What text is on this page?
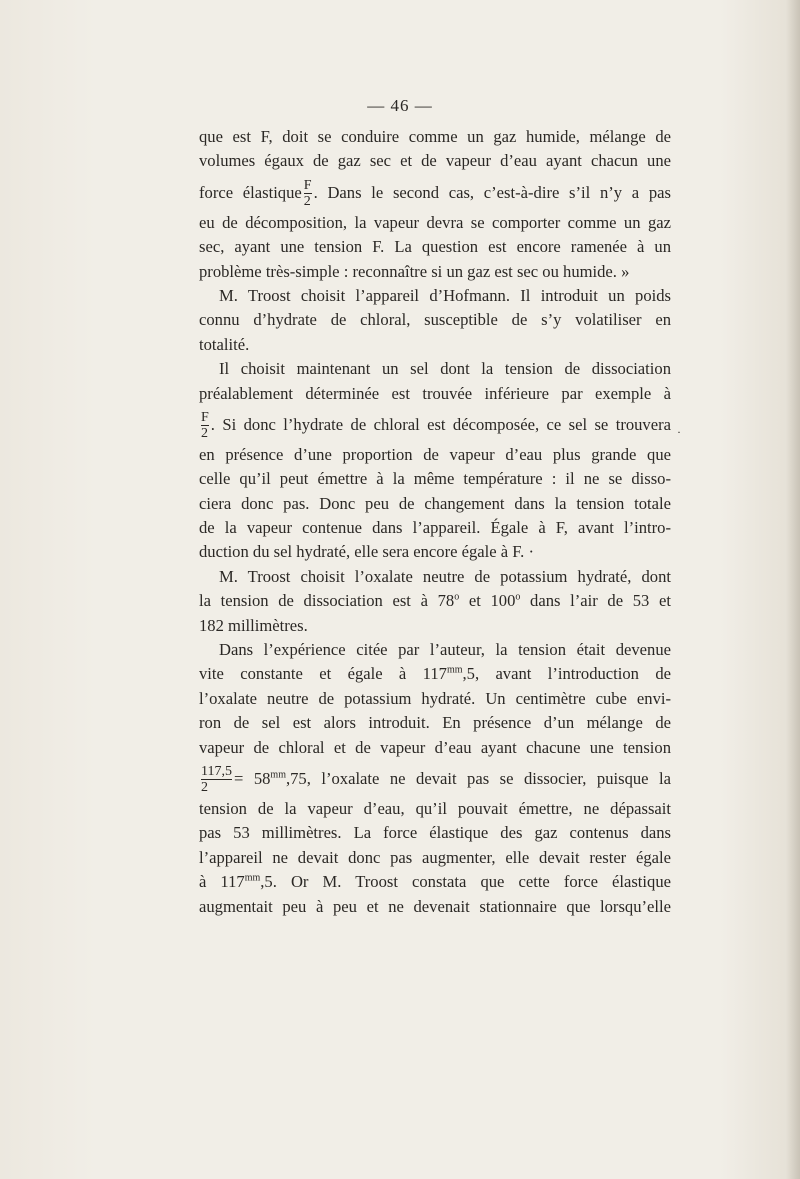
— 46 —
que est F, doit se conduire comme un gaz humide, mélange de
volumes égaux de gaz sec et de vapeur d’eau ayant chacun une
force élastique $\frac{F}{2}$ . Dans le second cas, c’est-à-dire s’il n’y a pas
eu de décomposition, la vapeur devra se comporter comme un gaz
sec, ayant une tension F. La question est encore ramenée à un
problème très-simple : reconnaître si un gaz est sec ou humide. »
M. Troost choisit l’appareil d’Hofmann. Il introduit un poids
connu d’hydrate de chloral, susceptible de s’y volatiliser en
totalité.
Il choisit maintenant un sel dont la tension de dissociation
préalablement déterminée est trouvée inférieure par exemple à
$\frac{F}{2}$ . Si donc l’hydrate de chloral est décomposée, ce sel se trouvera
en présence d’une proportion de vapeur d’eau plus grande que
celle qu’il peut émettre à la même température : il ne se disso-
ciera donc pas. Donc peu de changement dans la tension totale
de la vapeur contenue dans l’appareil. Égale à F, avant l’intro-
duction du sel hydraté, elle sera encore égale à F. ·
M. Troost choisit l’oxalate neutre de potassium hydraté, dont
la tension de dissociation est à 78$^o$ et 100$^o$ dans l’air de 53 et
182 millimètres.
Dans l’expérience citée par l’auteur, la tension était devenue
vite constante et égale à $117^{mm},5$, avant l’introduction de
l’oxalate neutre de potassium hydraté. Un centimètre cube envi-
ron de sel est alors introduit. En présence d’un mélange de
vapeur de chloral et de vapeur d’eau ayant chacune une tension
$\frac{117,5}{2} = 58^{mm},75$, l’oxalate ne devait pas se dissocier, puisque la
tension de la vapeur d’eau, qu’il pouvait émettre, ne dépassait
pas 53 millimètres. La force élastique des gaz contenus dans
l’appareil ne devait donc pas augmenter, elle devait rester égale
à $117^{mm},5$. Or M. Troost constata que cette force élastique
augmentait peu à peu et ne devenait stationnaire que lorsqu’elle
·
